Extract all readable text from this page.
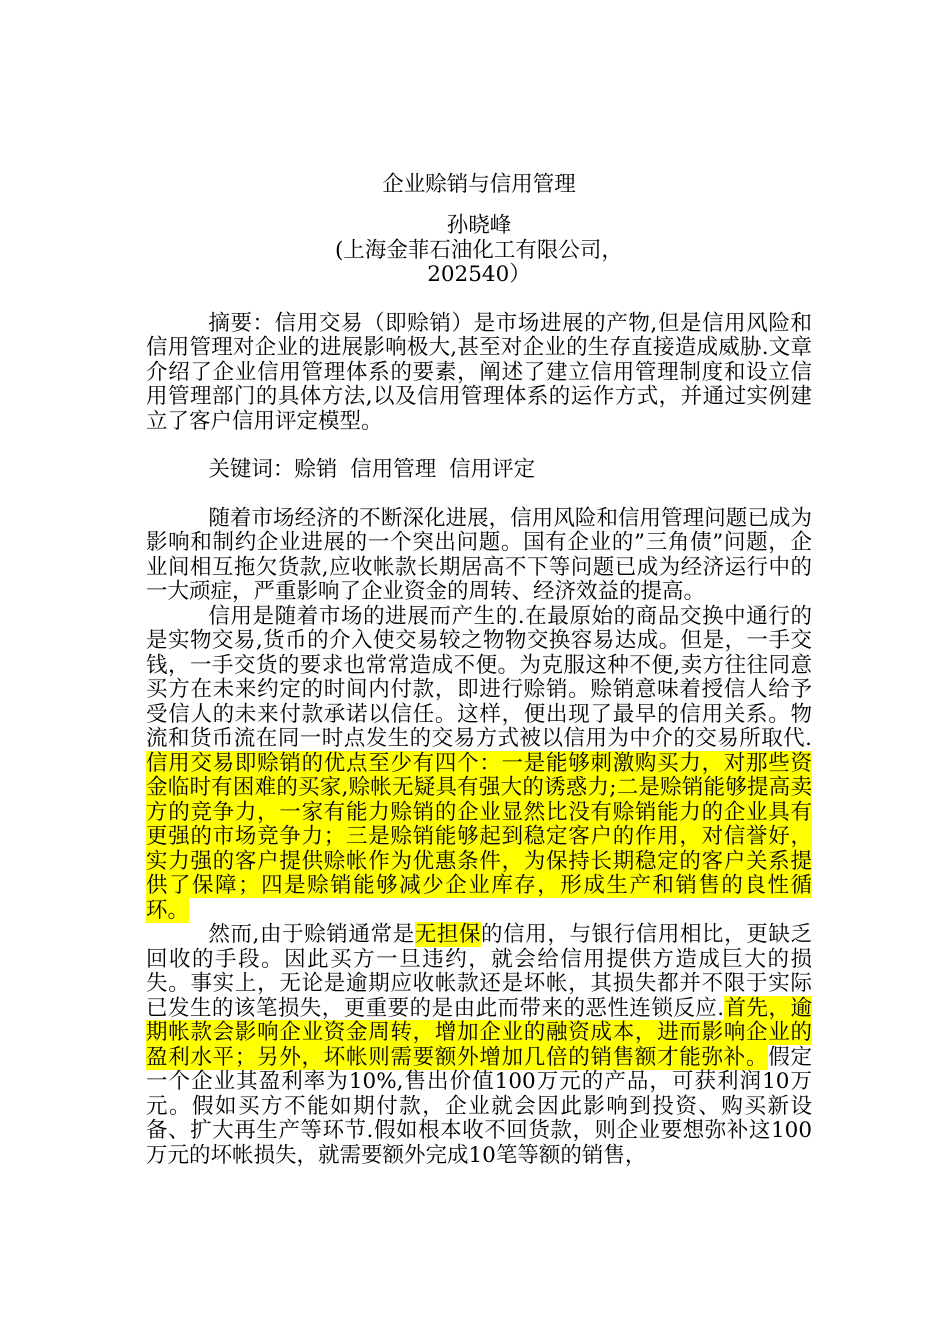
企业赊销与信用管理
孙晓峰
(上海金菲石油化工有限公司，202540）

摘要：信用交易（即赊销）是市场进展的产物,但是信用风险和信用管理对企业的进展影响极大,甚至对企业的生存直接造成威胁.文章介绍了企业信用管理体系的要素，阐述了建立信用管理制度和设立信用管理部门的具体方法,以及信用管理体系的运作方式，并通过实例建立了客户信用评定模型。

关键词：赊销 信用管理 信用评定

随着市场经济的不断深化进展，信用风险和信用管理问题已成为影响和制约企业进展的一个突出问题。国有企业的”三角债”问题，企业间相互拖欠货款,应收帐款长期居高不下等问题已成为经济运行中的一大顽症，严重影响了企业资金的周转、经济效益的提高。

信用是随着市场的进展而产生的.在最原始的商品交换中通行的是实物交易,货币的介入使交易较之物物交换容易达成。但是，一手交钱，一手交货的要求也常常造成不便。为克服这种不便,卖方往往同意买方在未来约定的时间内付款，即进行赊销。赊销意味着授信人给予受信人的未来付款承诺以信任。这样，便出现了最早的信用关系。物流和货币流在同一时点发生的交易方式被以信用为中介的交易所取代.信用交易即赊销的优点至少有四个：一是能够刺激购买力，对那些资金临时有困难的买家,赊帐无疑具有强大的诱惑力;二是赊销能够提高卖方的竞争力，一家有能力赊销的企业显然比没有赊销能力的企业具有更强的市场竞争力；三是赊销能够起到稳定客户的作用，对信誉好，实力强的客户提供赊帐作为优惠条件，为保持长期稳定的客户关系提供了保障；四是赊销能够减少企业库存，形成生产和销售的良性循环。

然而,由于赊销通常是无担保的信用，与银行信用相比，更缺乏回收的手段。因此买方一旦违约，就会给信用提供方造成巨大的损失。事实上，无论是逾期应收帐款还是坏帐，其损失都并不限于实际已发生的该笔损失，更重要的是由此而带来的恶性连锁反应.首先，逾期帐款会影响企业资金周转，增加企业的融资成本，进而影响企业的盈利水平；另外，坏帐则需要额外增加几倍的销售额才能弥补。假定一个企业其盈利率为10%,售出价值100万元的产品，可获利润10万元。假如买方不能如期付款，企业就会因此影响到投资、购买新设备、扩大再生产等环节.假如根本收不回货款，则企业要想弥补这100万元的坏帐损失，就需要额外完成10笔等额的销售，
